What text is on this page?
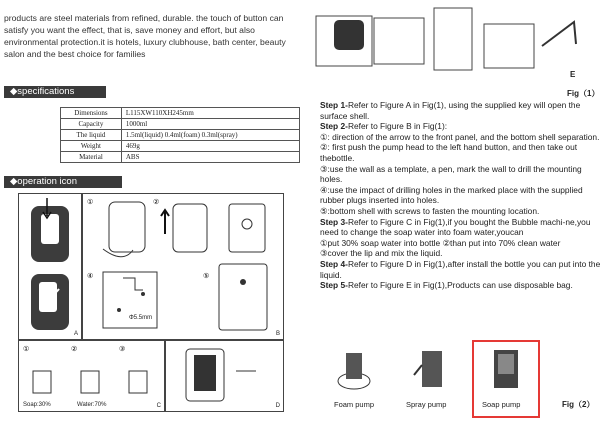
products are steel materials from refined, durable. the touch of button can satisfy you want the effect, that is, save money and effort, but also environmental protection.it is hotels, luxury clubhouse, bath center, beauty salon and the best choice for families
◆specifications
Dimensions	L115XW110XH245mm
Capacity	1000ml
The liquid	1.5ml(liquid) 0.4ml(foam) 0.3ml(spray)
Weight	469g
Material	ABS
◆operation icon
A
①	②
④	⑤
Φ5.5mm
B
①	②	③
Soap:30%	Water:70%	C	D
E
Fig（1）

Step 1-Refer to Figure A in Fig(1), using the supplied key will open the surface shell.

Step 2-Refer to Figure B in Fig(1):

①: direction of the arrow to the front panel, and the bottom shell separation.

②: first push the pump head to the left hand button, and then take out thebottle.

③:use the wall as a template, a pen, mark the wall to drill the mounting holes.

④:use the impact of drilling holes in the marked place with the supplied rubber plugs inserted into holes.

⑤:bottom shell with screws to fasten the mounting location.

Step 3-Refer to Figure C in Fig(1),if you bought the Bubble machi-ne,you need to change the soap water into foam water,youcan

①put 30% soap water into bottle ②than put into 70% clean water

③cover the lip and mix the liquid.

Step 4-Refer to Figure D in Fig(1),after install the bottle you can put into the liquid.

Step 5-Refer to Figure E in Fig(1),Products can use disposable bag.

Foam pump	Spray pump	Soap pump	Fig（2）
